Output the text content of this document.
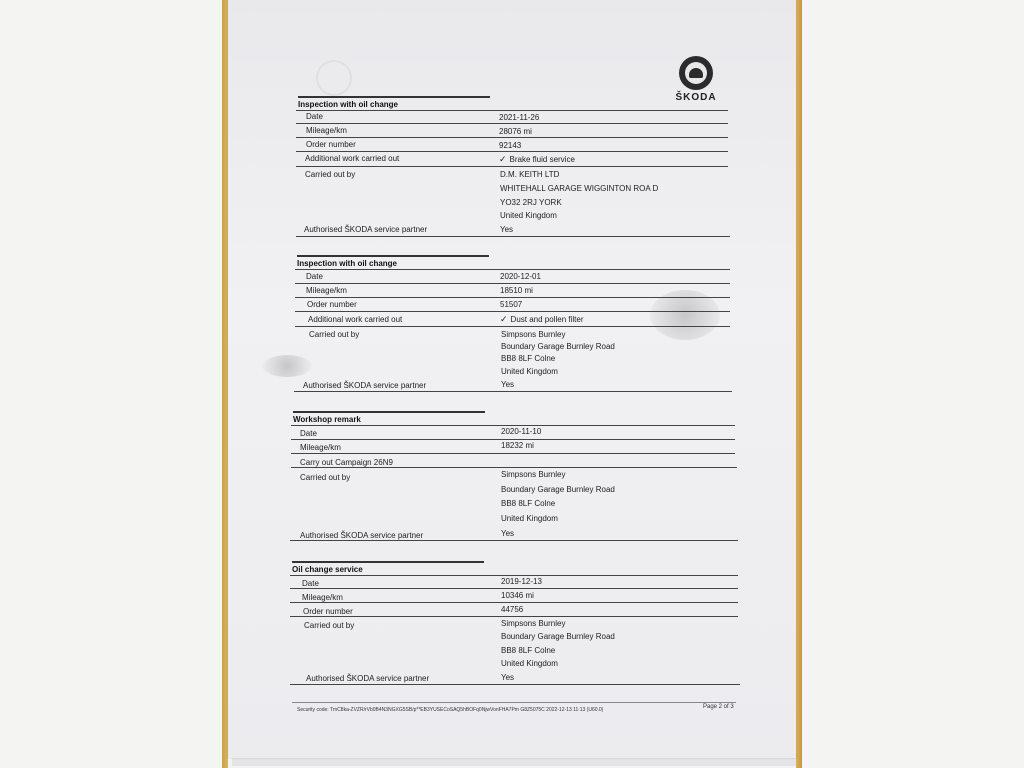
ŠKODA
Inspection with oil change
Date	2021-11-26
Mileage/km	28076 mi
Order number	92143
Additional work carried out	✓ Brake fluid service
Carried out by	D.M. KEITH LTD
WHITEHALL GARAGE WIGGINTON ROA D
YO32 2RJ YORK
United Kingdom
Authorised ŠKODA service partner	Yes
Inspection with oil change
Date	2020-12-01
Mileage/km	18510 mi
Order number	51507
Additional work carried out	✓ Dust and pollen filter
Carried out by	Simpsons Burnley
Boundary Garage Burnley Road
BB8 8LF Colne
United Kingdom
Authorised ŠKODA service partner	Yes
Workshop remark
Date	2020-11-10
Mileage/km	18232 mi
Carry out Campaign 26N9
Carried out by	Simpsons Burnley
Boundary Garage Burnley Road
BB8 8LF Colne
United Kingdom
Authorised ŠKODA service partner	Yes
Oil change service
Date	2019-12-13
Mileage/km	10346 mi
Order number	44756
Carried out by	Simpsons Burnley
Boundary Garage Burnley Road
BB8 8LF Colne
United Kingdom
Authorised ŠKODA service partner	Yes
Security code: TmC8ka-ZVZR/rVb0B4N3NGXG5SB/p**EB3YUSECoSAQ5hBOFq0NjwVonFHA7Pm G8Z5075C 2022-12-13 11:13 (U60.0)	Page 2 of 3
